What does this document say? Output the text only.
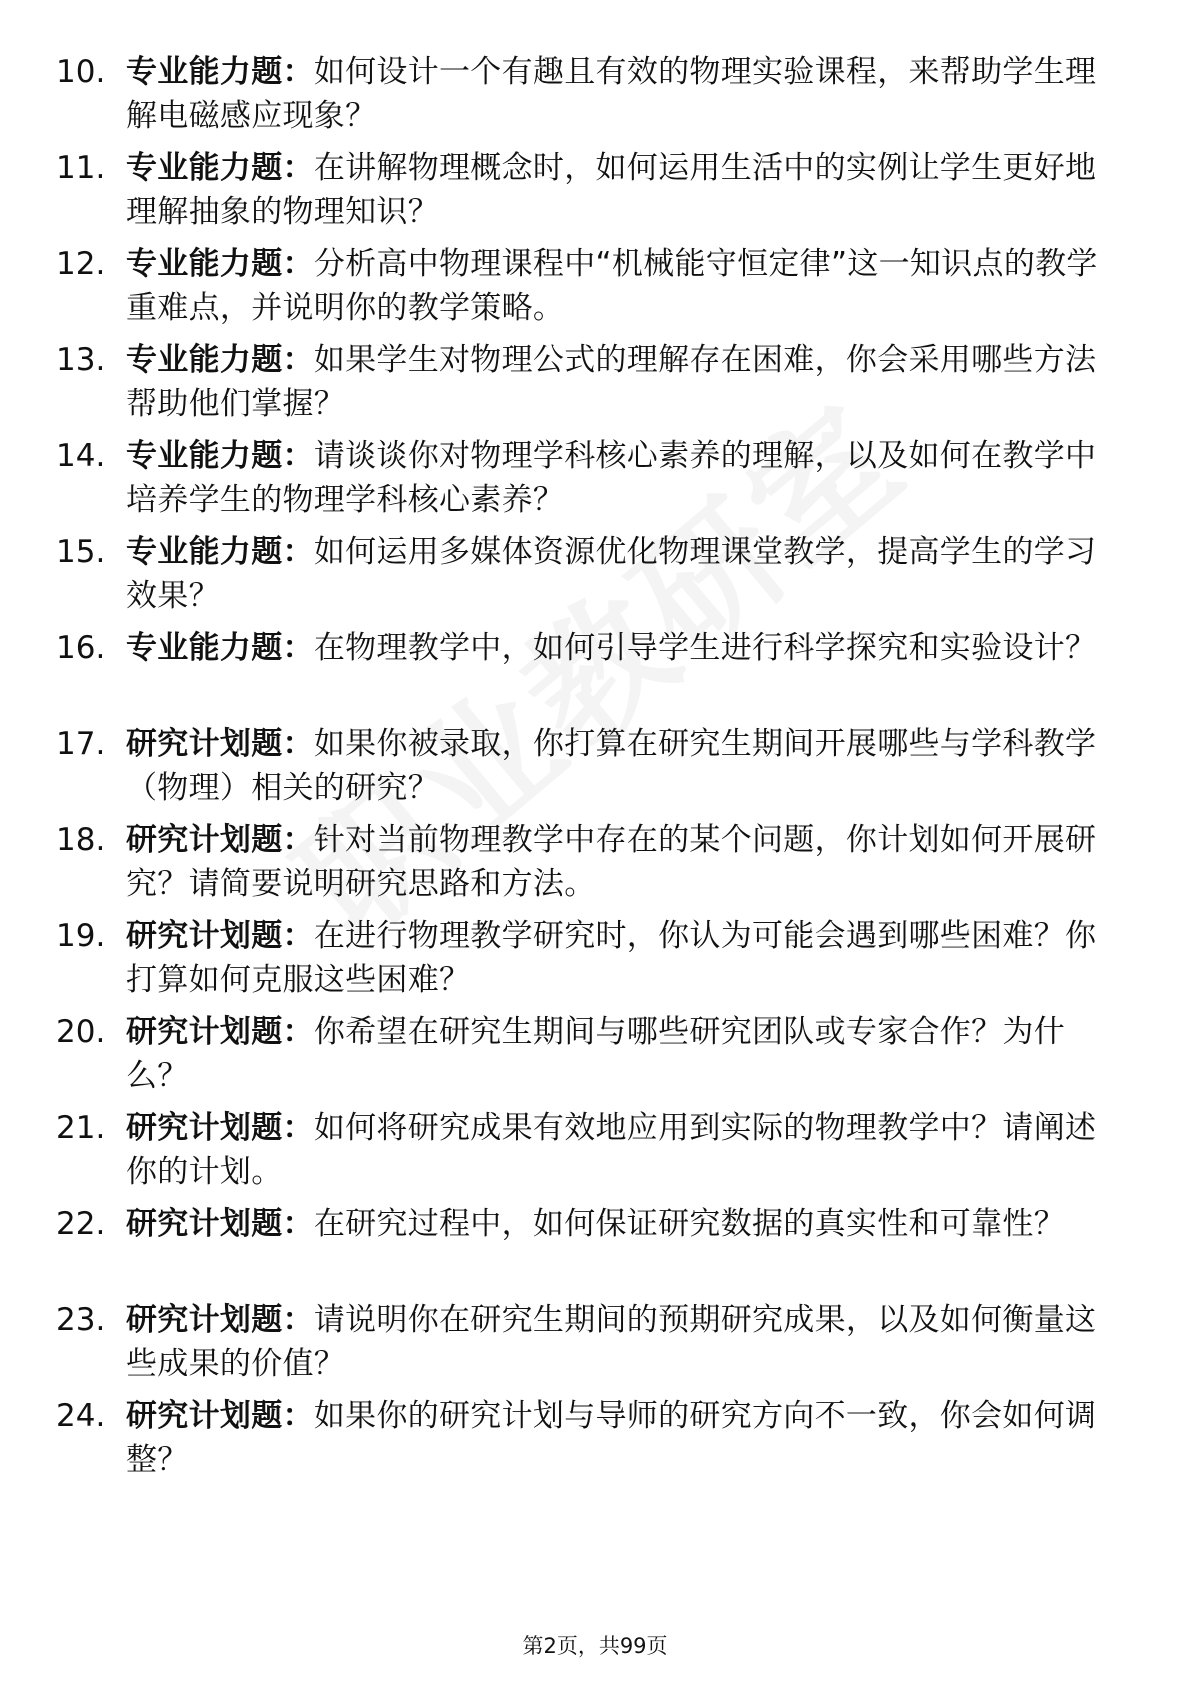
10. 专业能力题：如何设计一个有趣且有效的物理实验课程，来帮助学生理解电磁感应现象？
11. 专业能力题：在讲解物理概念时，如何运用生活中的实例让学生更好地理解抽象的物理知识？
12. 专业能力题：分析高中物理课程中“机械能守恒定律”这一知识点的教学重难点，并说明你的教学策略。
13. 专业能力题：如果学生对物理公式的理解存在困难，你会采用哪些方法帮助他们掌握？
14. 专业能力题：请谈谈你对物理学科核心素养的理解，以及如何在教学中培养学生的物理学科核心素养？
15. 专业能力题：如何运用多媒体资源优化物理课堂教学，提高学生的学习效果？
16. 专业能力题：在物理教学中，如何引导学生进行科学探究和实验设计？
17. 研究计划题：如果你被录取，你打算在研究生期间开展哪些与学科教学（物理）相关的研究？
18. 研究计划题：针对当前物理教学中存在的某个问题，你计划如何开展研究？请简要说明研究思路和方法。
19. 研究计划题：在进行物理教学研究时，你认为可能会遇到哪些困难？你打算如何克服这些困难？
20. 研究计划题：你希望在研究生期间与哪些研究团队或专家合作？为什么？
21. 研究计划题：如何将研究成果有效地应用到实际的物理教学中？请阐述你的计划。
22. 研究计划题：在研究过程中，如何保证研究数据的真实性和可靠性？
23. 研究计划题：请说明你在研究生期间的预期研究成果，以及如何衡量这些成果的价值？
24. 研究计划题：如果你的研究计划与导师的研究方向不一致，你会如何调整？
第2页，共99页
